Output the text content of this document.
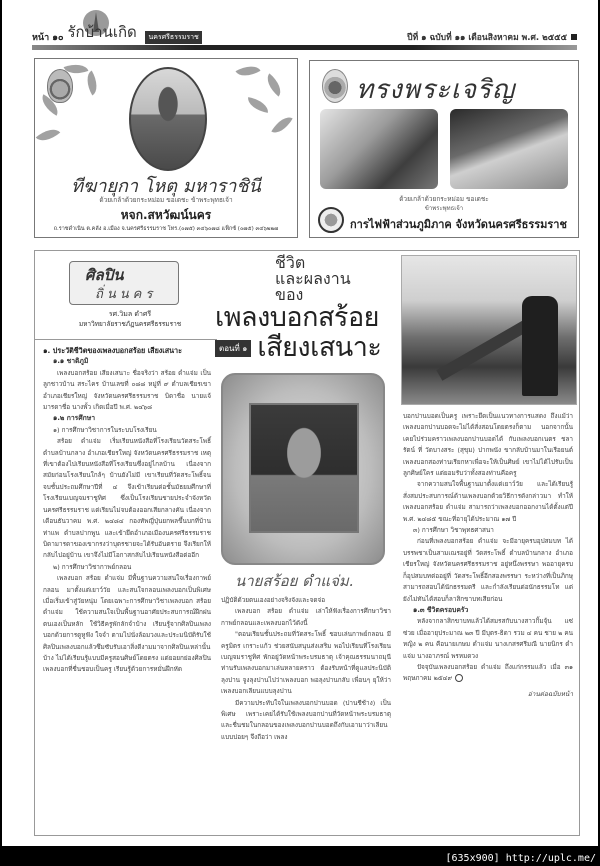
หน้า ๑๐ รักบ้านเกิด	นครศรีธรรมราช	ปีที่ ๑ ฉบับที่ ๑๑ เดือนสิงหาคม พ.ศ. ๒๕๕๕
ทีฆายุกา โหตุ มหาราชินี
ด้วยเกล้าด้วยกระหม่อม ขอเดชะ ข้าพระพุทธเจ้า
หจก.สหวัฒน์นคร
ถ.ราชดำเนิน ต.คลัง อ.เมือง จ.นครศรีธรรมราช โทร.(๐๗๕) ๓๔๖๐๗๘ แฟ็กซ์ (๐๗๕) ๓๔๖๒๒๗
ทรงพระเจริญ
ด้วยเกล้าด้วยกระหม่อม ขอเดชะ
ข้าพระพุทธเจ้า
การไฟฟ้าส่วนภูมิภาค จังหวัดนครศรีธรรมราช
ศิลปิน
ถิ่นนคร
รศ.วิมล ดำศรี
มหาวิทยาลัยราชภัฏนครศรีธรรมราช
ชีวิต
และผลงาน
ของ
เพลงบอกสร้อย
ตอนที่ ๑ เสียงเสนาะ

๑. ประวัติชีวิตของเพลงบอกสร้อย เสียงเสนาะ

๑.๑ ชาติภูมิ

เพลงบอกสร้อย เสียงเสนาะ ชื่อจริงว่า สร้อย ดำแจ่ม เป็นลูกชาวบ้าน สระไคร บ้านเลขที่ ๐๘๘ หมู่ที่ ๙ ตำบลเชียรเขา อำเภอเชียรใหญ่ จังหวัดนครศรีธรรมราช บิดาชื่อ นายแจ้ มารดาชื่อ นางพั้ว เกิดเมื่อปี พ.ศ. ๒๔๖๘

๑.๒ การศึกษา

๑) การศึกษาวิชาการในระบบโรงเรียน

สร้อย ดำแจ่ม เริ่มเรียนหนังสือที่โรงเรียนวัดสระโพธิ์ ตำบลบ้านกลาง อำเภอเชียรใหญ่ จังหวัดนครศรีธรรมราช เหตุที่เขาต้องไปเรียนหนังสือที่โรงเรียนซึ่งอยู่ไกลบ้าน เนื่องจากสมัยก่อนโรงเรียนใกล้ๆ บ้านยังไม่มี เขาเรียนที่วัดสระโพธิ์จนจบชั้นประถมศึกษาปีที่ ๔ จึงเข้าเรียนต่อชั้นมัธยมศึกษาที่โรงเรียนเบญจมราชูทิศ ซึ่งเป็นโรงเรียนชายประจำจังหวัดนครศรีธรรมราช แต่เรียนไม่จบต้องออกเสียกลางคัน เนื่องจากเดือนธันวาคม พ.ศ. ๒๔๘๔ กองทัพญี่ปุ่นยกพลขึ้นบกที่บ้านท่าแพ ตำบลปากพูน และเข้ายึดอำเภอเมืองนครศรีธรรมราช บิดามารดาของเขากรงว่าบุตรชายจะได้รับอันตราย จึงเรียกให้กลับไปอยู่บ้าน เขาจึงไม่มีโอกาสกลับไปเรียนหนังสือต่ออีก

๒) การศึกษาวิชากาพย์กลอน

เพลงบอก สร้อย ดำแจ่ม มีพื้นฐานความสนใจเรื่องกาพย์กลอน มาตั้งแต่เยาว์วัย และสนใจกลอนเพลงบอกเป็นพิเศษ เมื่อเริ่มเข้าสู่วัยหนุ่ม โดยเฉพาะการศึกษาวิชาเพลงบอก สร้อย ดำแจ่ม ใช้ความสนใจเป็นพื้นฐานอาศัยประสบการณ์ฝึกฝนตนเองเป็นหลัก ใช้วิธีครูพักลักจำบ้าง เรียนรู้จากศิลปินเพลงบอกด้วยการดูหูฟัง ใจจำ ตามไปนั่งล้อมวงและประมนิบัติรับใช้ศิลปินเพลงบอกแล้วซึมซับรับเอาสิ่งดีงามมาจากศิลปินเหล่านั้นบ้าง ไม่ได้เรียนรู้แบบมีครูสอนศิษย์โดยตรง แต่ยอยกย่องศิลปินเพลงบอกที่ชื่นชอบเป็นครู เรียนรู้ด้วยการหมั่นฝึกหัด

นายสร้อย ดำแจ่ม.

ปฏิบัติด้วยตนเองอย่างจริงจังและจดจ่อ

เพลงบอก สร้อย ดำแจ่ม เล่าให้ฟังเรื่องการศึกษาวิชากาพย์กลอนและเพลงบอกไว้ดังนี้

"ตอนเรียนชั้นประถมที่วัดสระโพธิ์ ชอบเล่นกาพย์กลอน มีครูมิตร เกราะแก้ว ช่วยสนับสนุนส่งเสริม พอไปเรียนที่โรงเรียนเบญจมราชูทิศ พักอยู่วัดหน้าพระบรมธาตุ เจ้าคุณธรรมนาถมุนี ท่านรับเพลงบอกมาเล่นหลายคราว ต้องรับหน้าที่ดูแลประนิบัติลุงปาน จูงลุงปานไปว่าเพลงบอก พอลุงปานกลับ เพื่อนๆ ยุให้ว่าเพลงบอกเลียนแบบลุงปาน

มีความประทับใจในเพลงบอกปานบอด (ปานชีช้าง) เป็นพิเศษ เพราะเคยได้รับใช้เพลงบอกปานที่วัดหน้าพระบรมธาตุ และชื่นชมในกลอนของเพลงบอกปานบอดถึงกับเอามาว่าเลียนแบบบ่อยๆ จึงถือว่า เพลง

บอกปานบอดเป็นครู เพราะยึดเป็นแนวทางการแสดง ถึงแม้ว่าเพลงบอกปานบอดจะไม่ได้สั่งสอนโดยตรงก็ตาม นอกจากนั้นเคยไปร่วมคราวเพลงบอกปานบอดได้ กับเพลงบอกเนตร ชลารัตน์ ที่ วัดบางสระ (สุขุม) ปากพนัง ขากลับบ้านมาในเรือยนต์ เพลงบอกสองท่านเรียกหาเพื่อจะให้เป็นศิษย์ เขาไม่ได้ไปรับเป็นลูกศิษย์ใคร แต่ยอมรับว่าทั้งสองท่านคือครู

จากความสนใจพื้นฐานมาตั้งแต่เยาว์วัย และได้เรียนรู้สั่งสมประสบการณ์ด้านเพลงบอกด้วยวิธีการดังกล่าวมา ทำให้เพลงบอกสร้อย ดำแจ่ม สามารถว่าเพลงบอกออกงานได้ตั้งแต่ปี พ.ศ. ๒๔๘๕ ขณะที่อายุได้ประมาณ ๑๗ ปี

๓) การศึกษา วิชาพุทธศาสนา

ก่อนที่เพลงบอกสร้อย ดำแจ่ม จะมีอายุครบอุปสมบท ได้บรรพชาเป็นสามเณรอยู่ที่ วัดสระโพธิ์ ตำบลบ้านกลาง อำเภอเชียรใหญ่ จังหวัดนครศรีธรรมราช อยู่หนึ่งพรรษา พออายุครบก็อุปสมบทต่ออยู่ที่ วัดสระโพธิ์อีกสองพรรษา ระหว่างที่เป็นภิกษุสามารถสอบได้นักธรรมตรี และกำลังเรียนต่อนักธรรมโท แต่ยังไม่ทันได้สอบก็ลาสิกขาบทเสียก่อน

๑.๓ ชีวิตครอบครัว

หลังจากลาสิกขาบทแล้วได้สมรสกับนางสาวกิ้มจุ้น แซ่ซ่วย เมื่ออายุประมาณ ๒๓ ปี มีบุตร-ธิดา รวม ๔ คน ชาย ๒ คน หญิง ๒ คน คือนายเกษม ดำแจ่ม นางเกสรศรีมณี นายนิกร ดำแจ่ม นางอาภรณ์ พรหมดวง

ปัจจุบันเพลงบอกสร้อย ดำแจ่ม ถึงแก่กรรมแล้ว เมื่อ ๓๑ พฤษภาคม ๒๕๔๙

อ่านต่อฉบับหน้า
[635x900] http://uplc.me/
